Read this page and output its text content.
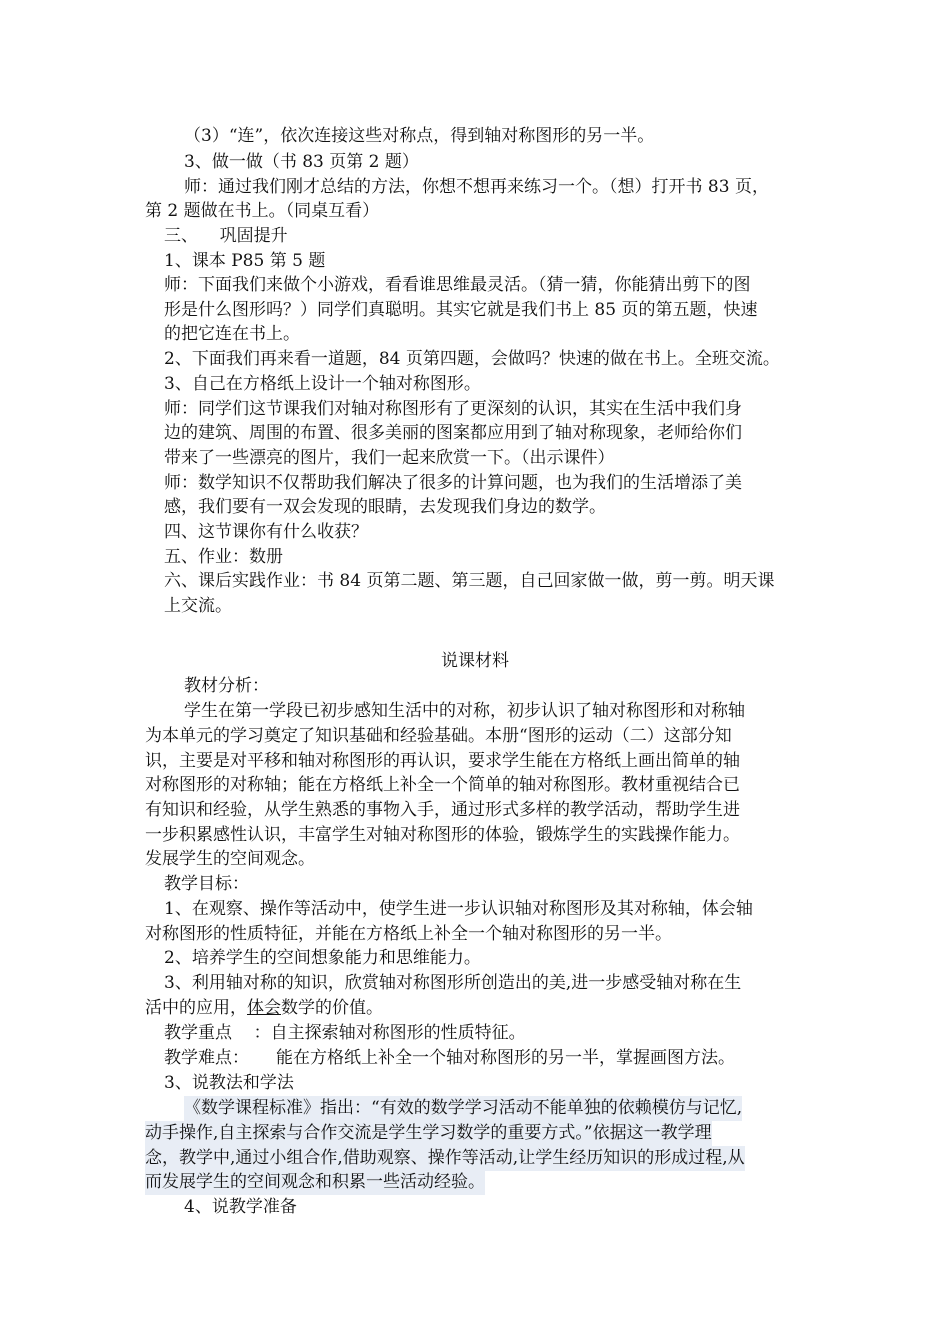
（3）“连”，依次连接这些对称点，得到轴对称图形的另一半。
3、做一做（书 83 页第 2 题）
师：通过我们刚才总结的方法，你想不想再来练习一个。（想）打开书 83 页，
第 2 题做在书上。（同桌互看）
三、    巩固提升
1、课本 P85 第 5 题
师：下面我们来做个小游戏，看看谁思维最灵活。（猜一猜，你能猜出剪下的图
形是什么图形吗？）同学们真聪明。其实它就是我们书上 85 页的第五题，快速
的把它连在书上。
2、下面我们再来看一道题，84 页第四题，会做吗？快速的做在书上。全班交流。
3、自己在方格纸上设计一个轴对称图形。
师：同学们这节课我们对轴对称图形有了更深刻的认识，其实在生活中我们身
边的建筑、周围的布置、很多美丽的图案都应用到了轴对称现象，老师给你们
带来了一些漂亮的图片，我们一起来欣赏一下。（出示课件）
师：数学知识不仅帮助我们解决了很多的计算问题，也为我们的生活增添了美
感，我们要有一双会发现的眼睛，去发现我们身边的数学。
四、这节课你有什么收获？
五、作业：数册
六、课后实践作业：书 84 页第二题、第三题，自己回家做一做，剪一剪。明天课
上交流。
说课材料
教材分析：
学生在第一学段已初步感知生活中的对称，初步认识了轴对称图形和对称轴
为本单元的学习奠定了知识基础和经验基础。本册“图形的运动（二）这部分知
识，主要是对平移和轴对称图形的再认识，要求学生能在方格纸上画出简单的轴
对称图形的对称轴；能在方格纸上补全一个简单的轴对称图形。教材重视结合已
有知识和经验，从学生熟悉的事物入手，通过形式多样的教学活动，帮助学生进
一步积累感性认识，丰富学生对轴对称图形的体验，锻炼学生的实践操作能力。
发展学生的空间观念。
教学目标：
1、在观察、操作等活动中，使学生进一步认识轴对称图形及其对称轴，体会轴
对称图形的性质特征，并能在方格纸上补全一个轴对称图形的另一半。
2、培养学生的空间想象能力和思维能力。
3、利用轴对称的知识，欣赏轴对称图形所创造出的美,进一步感受轴对称在生
活中的应用，体会数学的价值。
教学重点    ：自主探索轴对称图形的性质特征。
教学难点：     能在方格纸上补全一个轴对称图形的另一半，掌握画图方法。
3、说教法和学法
《数学课程标准》指出：“有效的数学学习活动不能单独的依赖模仿与记忆,
动手操作,自主探索与合作交流是学生学习数学的重要方式。”依据这一教学理
念，教学中,通过小组合作,借助观察、操作等活动,让学生经历知识的形成过程,从
而发展学生的空间观念和积累一些活动经验。
4、说教学准备
